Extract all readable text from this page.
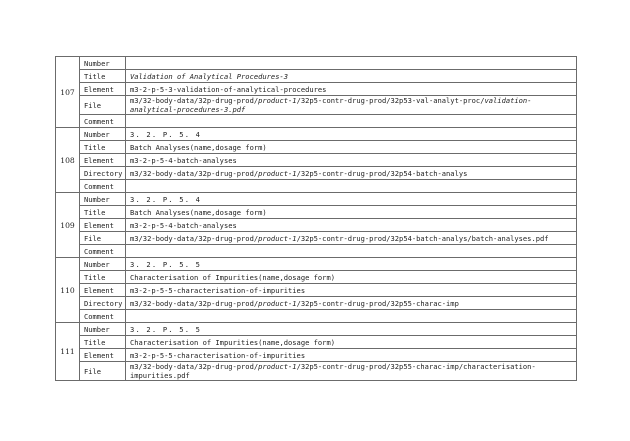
107	Number	
	Title	Validation of Analytical Procedures-3
	Element	m3-2-p-5-3-validation-of-analytical-procedures
	File	m3/32-body-data/32p-drug-prod/product-1/32p5-contr-drug-prod/32p53-val-analyt-proc/validation-analytical-procedures-3.pdf
	Comment	
108	Number	3. 2. P. 5. 4
	Title	Batch Analyses(name,dosage form)
	Element	m3-2-p-5-4-batch-analyses
	Directory	m3/32-body-data/32p-drug-prod/product-1/32p5-contr-drug-prod/32p54-batch-analys
	Comment	
109	Number	3. 2. P. 5. 4
	Title	Batch Analyses(name,dosage form)
	Element	m3-2-p-5-4-batch-analyses
	File	m3/32-body-data/32p-drug-prod/product-1/32p5-contr-drug-prod/32p54-batch-analys/batch-analyses.pdf
	Comment	
110	Number	3. 2. P. 5. 5
	Title	Characterisation of Impurities(name,dosage form)
	Element	m3-2-p-5-5-characterisation-of-impurities
	Directory	m3/32-body-data/32p-drug-prod/product-1/32p5-contr-drug-prod/32p55-charac-imp
	Comment	
111	Number	3. 2. P. 5. 5
	Title	Characterisation of Impurities(name,dosage form)
	Element	m3-2-p-5-5-characterisation-of-impurities
	File	m3/32-body-data/32p-drug-prod/product-1/32p5-contr-drug-prod/32p55-charac-imp/characterisation-impurities.pdf
